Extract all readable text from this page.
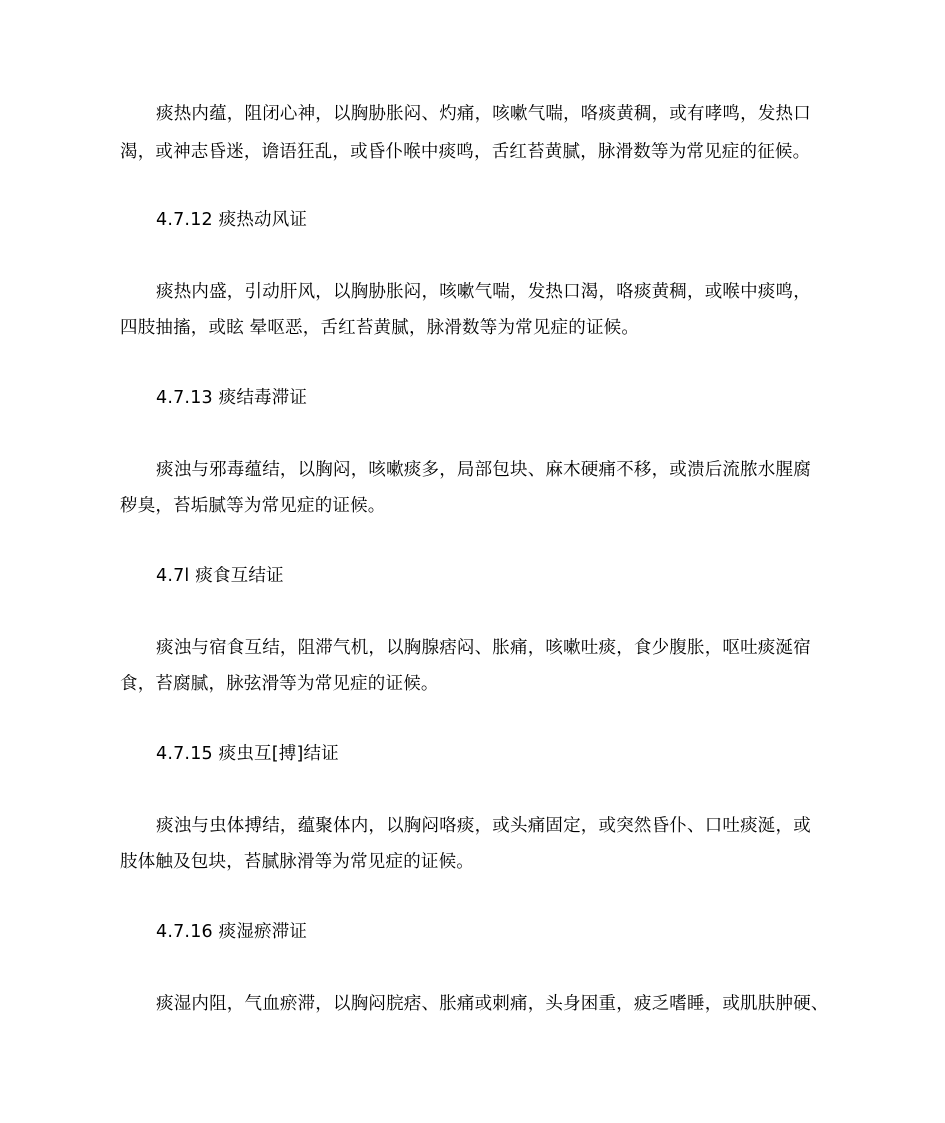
痰热内蕴，阻闭心神，以胸胁胀闷、灼痛，咳嗽气喘，咯痰黄稠，或有哮鸣，发热口
渴，或神志昏迷，谵语狂乱，或昏仆喉中痰鸣，舌红苔黄腻，脉滑数等为常见症的征候。
4.7.12 痰热动风证
痰热内盛，引动肝风，以胸胁胀闷，咳嗽气喘，发热口渴，咯痰黄稠，或喉中痰鸣，
四肢抽搐，或眩 晕呕恶，舌红苔黄腻，脉滑数等为常见症的证候。
4.7.13 痰结毒滞证
痰浊与邪毒蕴结，以胸闷，咳嗽痰多，局部包块、麻木硬痛不移，或溃后流脓水腥腐
秽臭，苔垢腻等为常见症的证候。
4.7l 痰食互结证
痰浊与宿食互结，阻滞气机，以胸腺痞闷、胀痛，咳嗽吐痰，食少腹胀，呕吐痰涎宿
食，苔腐腻，脉弦滑等为常见症的证候。
4.7.15 痰虫互[搏]结证
痰浊与虫体搏结，蕴聚体内，以胸闷咯痰，或头痛固定，或突然昏仆、口吐痰涎，或
肢体触及包块，苔腻脉滑等为常见症的证候。
4.7.16 痰湿瘀滞证
痰湿内阻，气血瘀滞，以胸闷脘痞、胀痛或刺痛，头身困重，疲乏嗜睡，或肌肤肿硬、
